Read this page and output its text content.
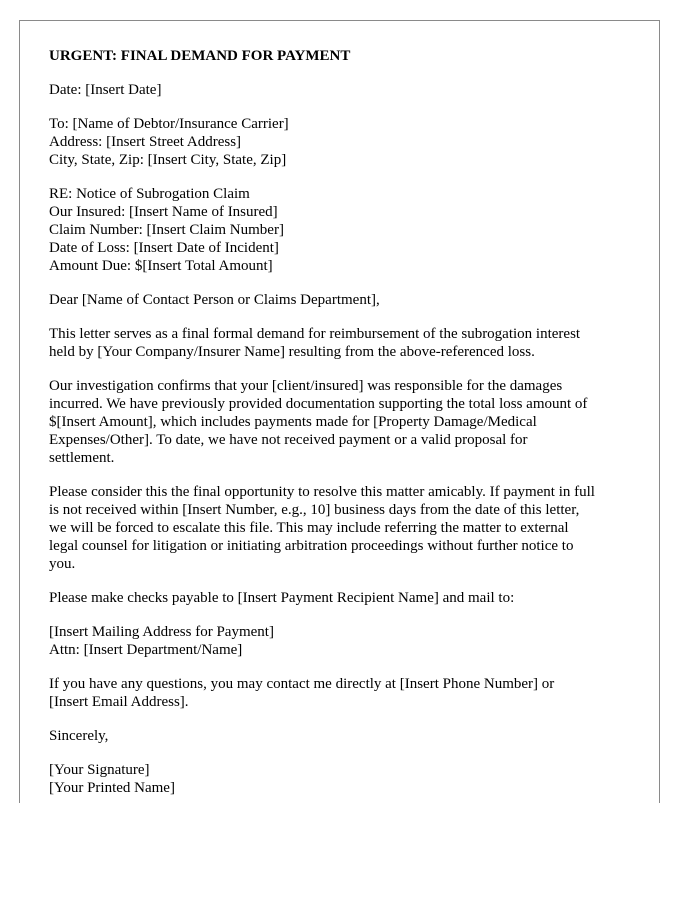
URGENT: FINAL DEMAND FOR PAYMENT
Date: [Insert Date]
To: [Name of Debtor/Insurance Carrier]
Address: [Insert Street Address]
City, State, Zip: [Insert City, State, Zip]
RE: Notice of Subrogation Claim
Our Insured: [Insert Name of Insured]
Claim Number: [Insert Claim Number]
Date of Loss: [Insert Date of Incident]
Amount Due: $[Insert Total Amount]
Dear [Name of Contact Person or Claims Department],
This letter serves as a final formal demand for reimbursement of the subrogation interest
held by [Your Company/Insurer Name] resulting from the above-referenced loss.
Our investigation confirms that your [client/insured] was responsible for the damages
incurred. We have previously provided documentation supporting the total loss amount of
$[Insert Amount], which includes payments made for [Property Damage/Medical
Expenses/Other]. To date, we have not received payment or a valid proposal for
settlement.
Please consider this the final opportunity to resolve this matter amicably. If payment in full
is not received within [Insert Number, e.g., 10] business days from the date of this letter,
we will be forced to escalate this file. This may include referring the matter to external
legal counsel for litigation or initiating arbitration proceedings without further notice to
you.
Please make checks payable to [Insert Payment Recipient Name] and mail to:
[Insert Mailing Address for Payment]
Attn: [Insert Department/Name]
If you have any questions, you may contact me directly at [Insert Phone Number] or
[Insert Email Address].
Sincerely,
[Your Signature]
[Your Printed Name]
